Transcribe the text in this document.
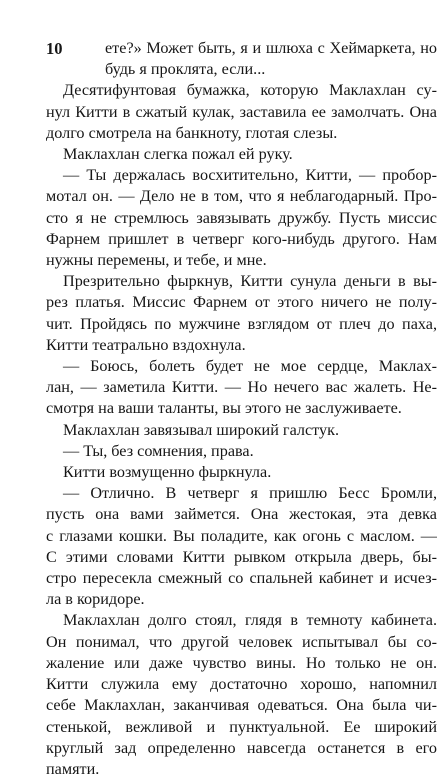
10	ете?» Может быть, я и шлюха с Хеймаркета, но
будь я проклята, если...
Десятифунтовая бумажка, которую Маклахлан су-
нул Китти в сжатый кулак, заставила ее замолчать. Она
долго смотрела на банкноту, глотая слезы.
Маклахлан слегка пожал ей руку.
— Ты держалась восхитительно, Китти, — пробор-
мотал он. — Дело не в том, что я неблагодарный. Про-
сто я не стремлюсь завязывать дружбу. Пусть миссис
Фарнем пришлет в четверг кого-нибудь другого. Нам
нужны перемены, и тебе, и мне.
Презрительно фыркнув, Китти сунула деньги в вы-
рез платья. Миссис Фарнем от этого ничего не полу-
чит. Пройдясь по мужчине взглядом от плеч до паха,
Китти театрально вздохнула.
— Боюсь, болеть будет не мое сердце, Маклах-
лан, — заметила Китти. — Но нечего вас жалеть. Не-
смотря на ваши таланты, вы этого не заслуживаете.
Маклахлан завязывал широкий галстук.
— Ты, без сомнения, права.
Китти возмущенно фыркнула.
— Отлично. В четверг я пришлю Бесс Бромли,
пусть она вами займется. Она жестокая, эта девка
с глазами кошки. Вы поладите, как огонь с маслом. —
С этими словами Китти рывком открыла дверь, бы-
стро пересекла смежный со спальней кабинет и исчез-
ла в коридоре.
Маклахлан долго стоял, глядя в темноту кабинета.
Он понимал, что другой человек испытывал бы со-
жаление или даже чувство вины. Но только не он.
Китти служила ему достаточно хорошо, напомнил
себе Маклахлан, заканчивая одеваться. Она была чи-
стенькой, вежливой и пунктуальной. Ее широкий
круглый зад определенно навсегда останется в его
памяти.
